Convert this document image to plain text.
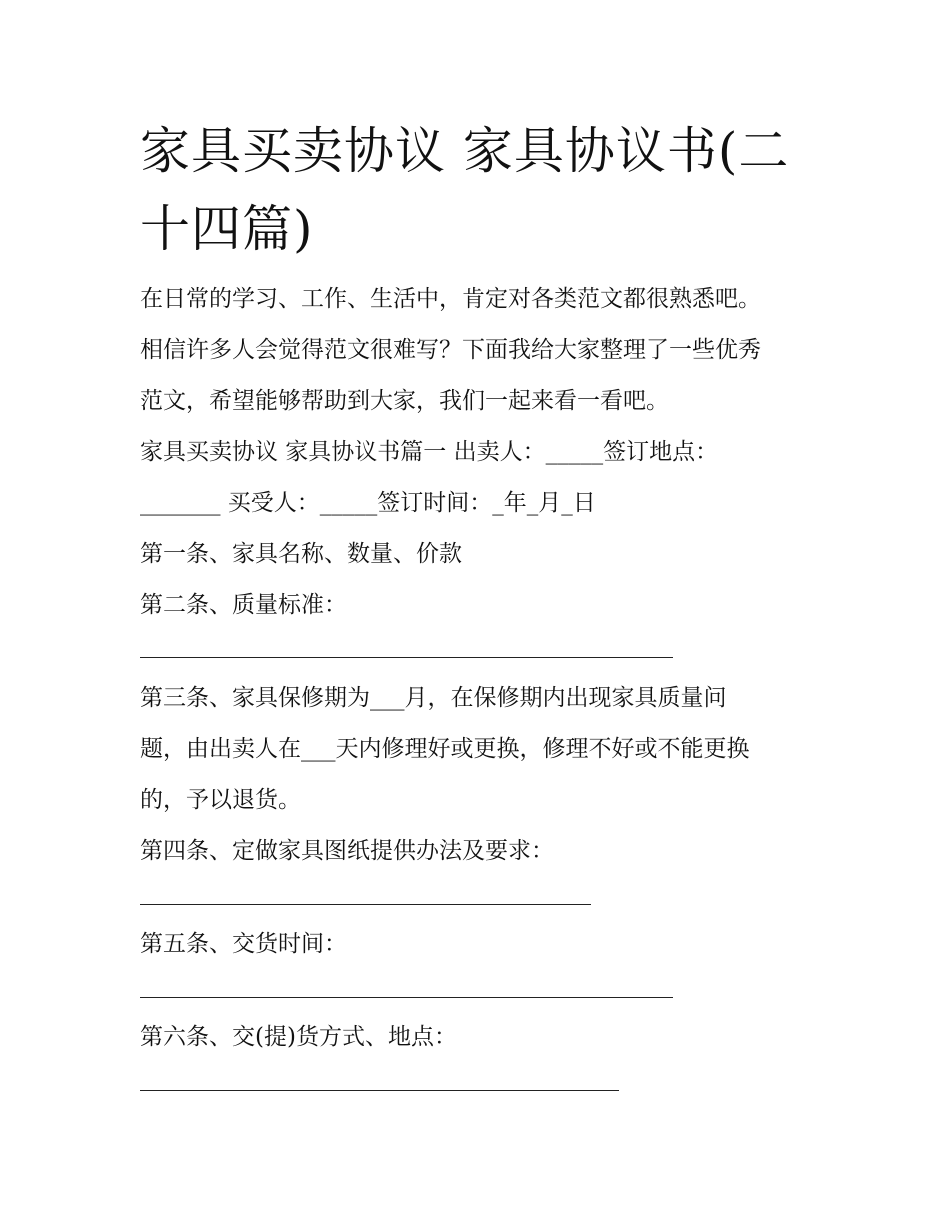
家具买卖协议 家具协议书(二
十四篇)

在日常的学习、工作、生活中，肯定对各类范文都很熟悉吧。

相信许多人会觉得范文很难写？下面我给大家整理了一些优秀

范文，希望能够帮助到大家，我们一起来看一看吧。

家具买卖协议 家具协议书篇一 出卖人：_____签订地点：

_______ 买受人：_____签订时间：_年_月_日

第一条、家具名称、数量、价款

第二条、质量标准：

第三条、家具保修期为___月，在保修期内出现家具质量问

题，由出卖人在___天内修理好或更换，修理不好或不能更换

的，予以退货。

第四条、定做家具图纸提供办法及要求：

第五条、交货时间：

第六条、交(提)货方式、地点：
